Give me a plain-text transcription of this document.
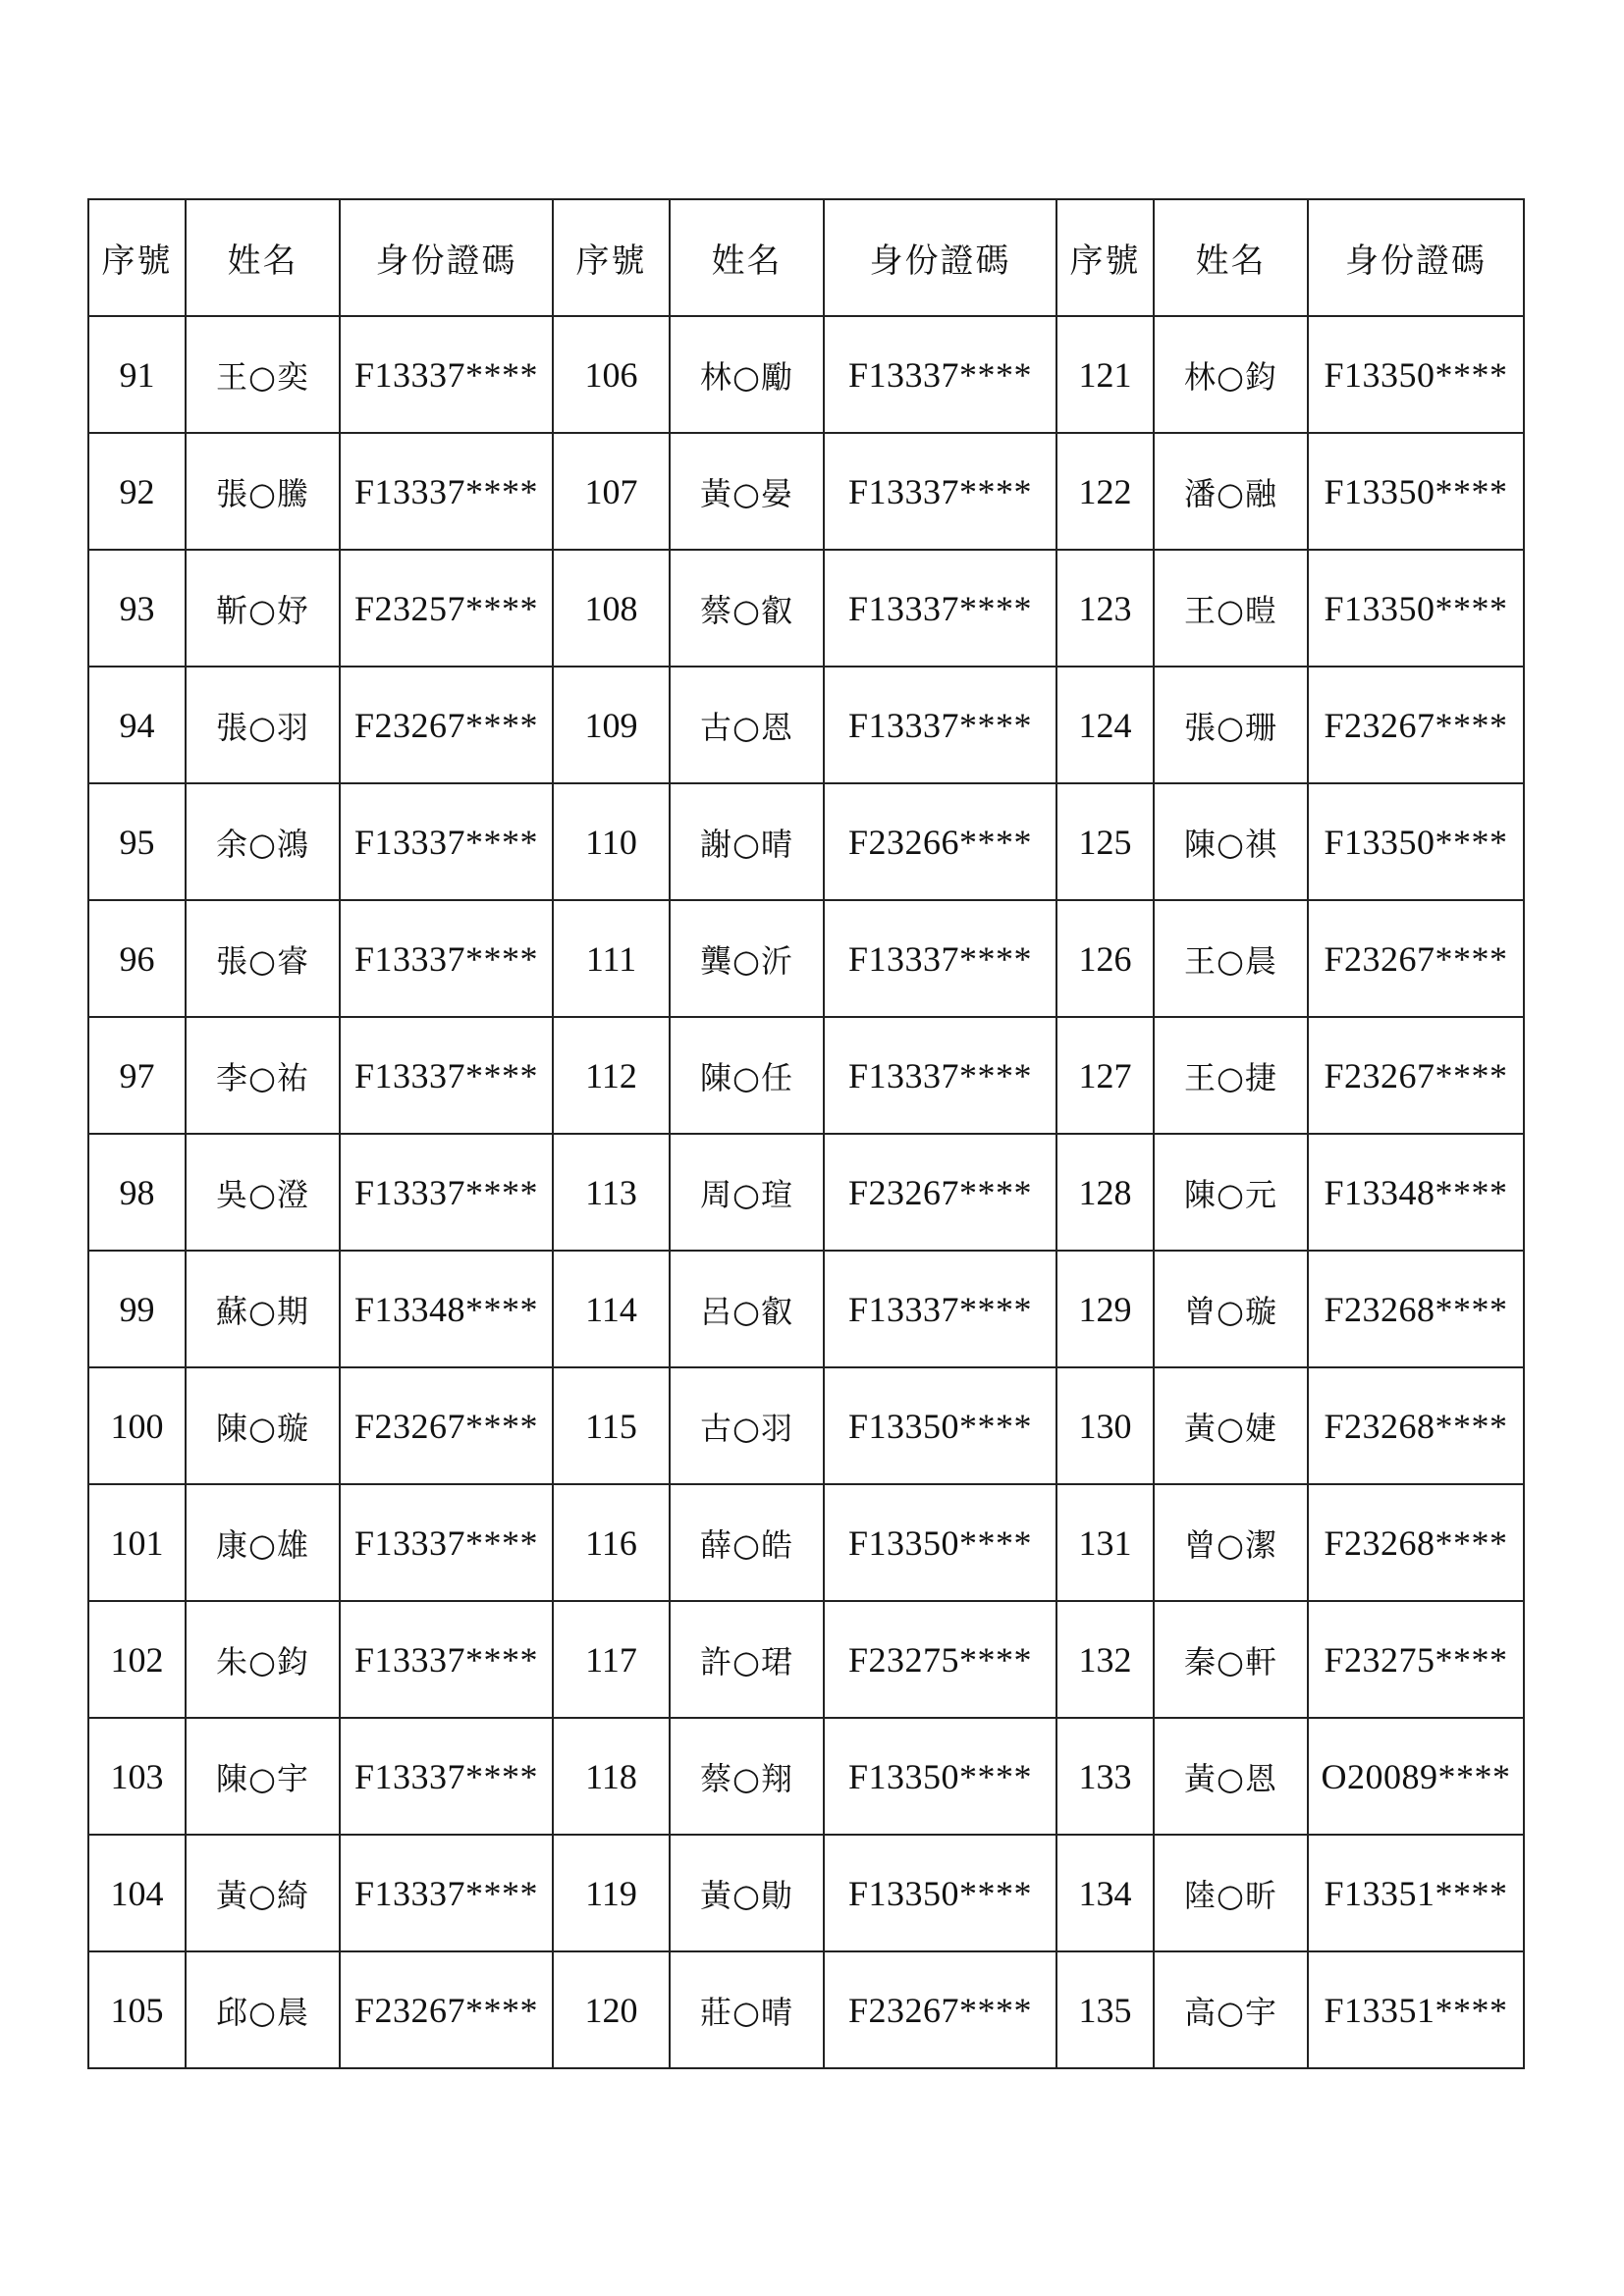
序號	姓名	身份證碼	序號	姓名	身份證碼	序號	姓名	身份證碼
91	王○奕	F13337****	106	林○勵	F13337****	121	林○鈞	F13350****
92	張○騰	F13337****	107	黃○晏	F13337****	122	潘○融	F13350****
93	靳○妤	F23257****	108	蔡○叡	F13337****	123	王○暟	F13350****
94	張○羽	F23267****	109	古○恩	F13337****	124	張○珊	F23267****
95	余○鴻	F13337****	110	謝○晴	F23266****	125	陳○祺	F13350****
96	張○睿	F13337****	111	龔○沂	F13337****	126	王○晨	F23267****
97	李○祐	F13337****	112	陳○任	F13337****	127	王○捷	F23267****
98	吳○澄	F13337****	113	周○瑄	F23267****	128	陳○元	F13348****
99	蘇○期	F13348****	114	呂○叡	F13337****	129	曾○璇	F23268****
100	陳○璇	F23267****	115	古○羽	F13350****	130	黃○婕	F23268****
101	康○雄	F13337****	116	薛○皓	F13350****	131	曾○潔	F23268****
102	朱○鈞	F13337****	117	許○珺	F23275****	132	秦○軒	F23275****
103	陳○宇	F13337****	118	蔡○翔	F13350****	133	黃○恩	O20089****
104	黃○綺	F13337****	119	黃○勛	F13350****	134	陸○昕	F13351****
105	邱○晨	F23267****	120	莊○晴	F23267****	135	高○宇	F13351****
